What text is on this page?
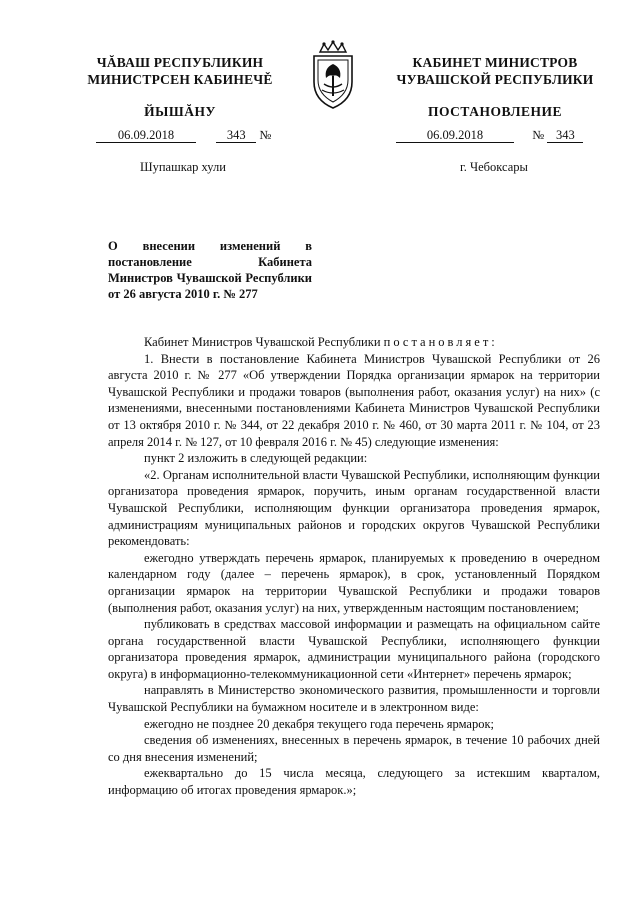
ЧĂВАШ РЕСПУБЛИКИН
МИНИСТРСЕН КАБИНЕЧĚ
ЙЫШĂНУ
КАБИНЕТ МИНИСТРОВ
ЧУВАШСКОЙ РЕСПУБЛИКИ
ПОСТАНОВЛЕНИЕ
06.09.2018	343 №	06.09.2018	№ 343
Шупашкар хули	г. Чебоксары
О внесении изменений в постановление Кабинета Министров Чувашской Республики от 26 августа 2010 г. № 277

Кабинет Министров Чувашской Республики постановляет:

1. Внести в постановление Кабинета Министров Чувашской Республики от 26 августа 2010 г. № 277 «Об утверждении Порядка организации ярмарок на территории Чувашской Республики и продажи товаров (выполнения работ, оказания услуг) на них» (с изменениями, внесенными постановлениями Кабинета Министров Чувашской Республики от 13 октября 2010 г. № 344, от 22 декабря 2010 г. № 460, от 30 марта 2011 г. № 104, от 23 апреля 2014 г. № 127, от 10 февраля 2016 г. № 45) следующие изменения:

пункт 2 изложить в следующей редакции:

«2. Органам исполнительной власти Чувашской Республики, исполняющим функции организатора проведения ярмарок, поручить, иным органам государственной власти Чувашской Республики, исполняющим функции организатора проведения ярмарок, администрациям муниципальных районов и городских округов Чувашской Республики рекомендовать:

ежегодно утверждать перечень ярмарок, планируемых к проведению в очередном календарном году (далее – перечень ярмарок), в срок, установленный Порядком организации ярмарок на территории Чувашской Республики и продажи товаров (выполнения работ, оказания услуг) на них, утвержденным настоящим постановлением;

публиковать в средствах массовой информации и размещать на официальном сайте органа государственной власти Чувашской Республики, исполняющего функции организатора проведения ярмарок, администрации муниципального района (городского округа) в информационно-телекоммуникационной сети «Интернет» перечень ярмарок;

направлять в Министерство экономического развития, промышленности и торговли Чувашской Республики на бумажном носителе и в электронном виде:

ежегодно не позднее 20 декабря текущего года перечень ярмарок;

сведения об изменениях, внесенных в перечень ярмарок, в течение 10 рабочих дней со дня внесения изменений;

ежеквартально до 15 числа месяца, следующего за истекшим кварталом, информацию об итогах проведения ярмарок.»;
